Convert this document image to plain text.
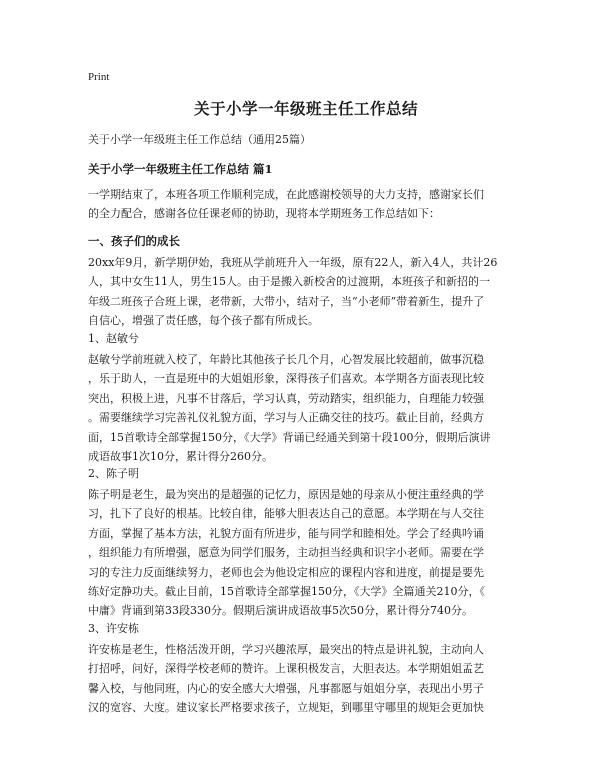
Print
关于小学一年级班主任工作总结
关于小学一年级班主任工作总结（通用25篇）
关于小学一年级班主任工作总结 篇1
一学期结束了，本班各项工作顺利完成，在此感谢校领导的大力支持，感谢家长们
的全力配合，感谢各位任课老师的协助，现将本学期班务工作总结如下：
一、孩子们的成长
20xx年9月，新学期伊始，我班从学前班升入一年级，原有22人，新入4人，共计26
人，其中女生11人，男生15人。由于是搬入新校舍的过渡期，本班孩子和新招的一
年级二班孩子合班上课，老带新，大带小，结对子，当“小老师”带着新生，提升了
自信心，增强了责任感，每个孩子都有所成长。
1、赵敏兮
赵敏兮学前班就入校了，年龄比其他孩子长几个月，心智发展比较超前，做事沉稳
，乐于助人，一直是班中的大姐姐形象，深得孩子们喜欢。本学期各方面表现比较
突出，积极上进，凡事不甘落后，学习认真，劳动踏实，组织能力，自理能力较强
。需要继续学习完善礼仪礼貌方面，学习与人正确交往的技巧。截止目前，经典方
面，15首歌诗全部掌握150分，《大学》背诵已经通关到第十段100分，假期后演讲
成语故事1次10分，累计得分260分。
2、陈子明
陈子明是老生，最为突出的是超强的记忆力，原因是她的母亲从小便注重经典的学
习，扎下了良好的根基。比较自律，能够大胆表达自己的意愿。本学期在与人交往
方面，掌握了基本方法，礼貌方面有所进步，能与同学和睦相处。学会了经典吟诵
，组织能力有所增强，愿意为同学们服务，主动担当经典和识字小老师。需要在学
习的专注力反面继续努力，老师也会为他设定相应的课程内容和进度，前提是要先
练好定静功夫。截止目前，15首歌诗全部掌握150分，《大学》全篇通关210分，《
中庸》背诵到第33段330分。假期后演讲成语故事5次50分，累计得分740分。
3、许安栋
许安栋是老生，性格活泼开朗，学习兴趣浓厚，最突出的特点是讲礼貌，主动向人
打招呼，问好，深得学校老师的赞许。上课积极发言，大胆表达。本学期姐姐孟艺
馨入校，与他同班，内心的安全感大大增强，凡事都愿与姐姐分享，表现出小男子
汉的宽容、大度。建议家长严格要求孩子，立规矩，到哪里守哪里的规矩会更加快
